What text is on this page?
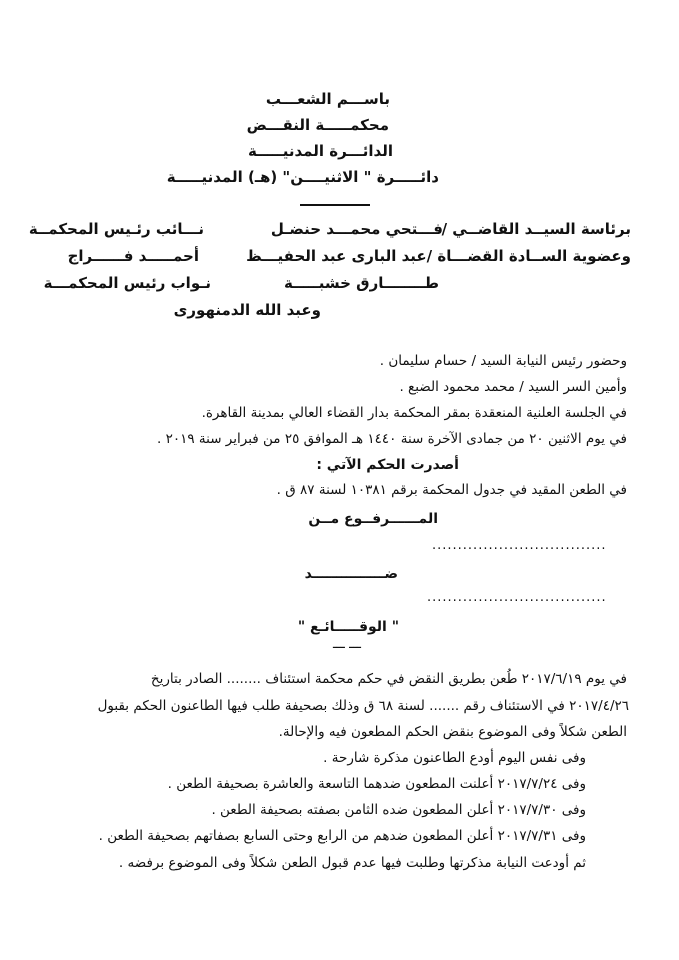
باســـم الشعـــب
محكمـــــة النقـــض
الدائـــرة المدنيـــــة
دائـــــرة " الاثنيــــن" (هـ) المدنيـــــة
برئاسة السيــد القاضــي /
فـــتحي محمـــد حنضـل
نـــائب رئـيس المحكمــة
وعضوية الســادة القضـــاة /عبد البارى عبد الحفيـــظ
أحمـــــد فــــــراج
طــــــــارق خشبـــــة
نـواب رئيس المحكمـــة
وعبد الله الدمنهورى
وحضور رئيس النيابة السيد / حسام سليمان .
وأمين السر السيد / محمد محمود الضبع .
في الجلسة العلنية المنعقدة بمقر المحكمة بدار القضاء العالي بمدينة القاهرة.
في يوم الاثنين ٢٠ من جمادى الآخرة سنة ١٤٤٠ هـ الموافق ٢٥ من فبراير سنة ٢٠١٩ .
أصدرت الحكم الآتي :
في الطعن المقيد في جدول المحكمة برقم ١٠٣٨١ لسنة ٨٧ ق .
المــــــرفــوع مــن
..................................
ضـــــــــــــــد
...................................
" الوقـــــائـع "
ـــ ـــ
في يوم ٢٠١٧/٦/١٩ طُعن بطريق النقض في حكم محكمة استئناف ........ الصادر بتاريخ
٢٠١٧/٤/٢٦ في الاستئناف رقم ....... لسنة ٦٨ ق وذلك بصحيفة طلب فيها الطاعنون الحكم بقبول
الطعن شكلاً وفى الموضوع بنقض الحكم المطعون فيه والإحالة.
وفى نفس اليوم أودع الطاعنون مذكرة شارحة .
وفى ٢٠١٧/٧/٢٤ أعلنت المطعون ضدهما التاسعة والعاشرة بصحيفة الطعن .
وفى ٢٠١٧/٧/٣٠ أعلن المطعون ضده الثامن بصفته بصحيفة الطعن .
وفى ٢٠١٧/٧/٣١ أعلن المطعون ضدهم من الرابع وحتى السابع بصفاتهم بصحيفة الطعن .
ثم أودعت النيابة مذكرتها وطلبت فيها عدم قبول الطعن شكلاً وفى الموضوع برفضه .
